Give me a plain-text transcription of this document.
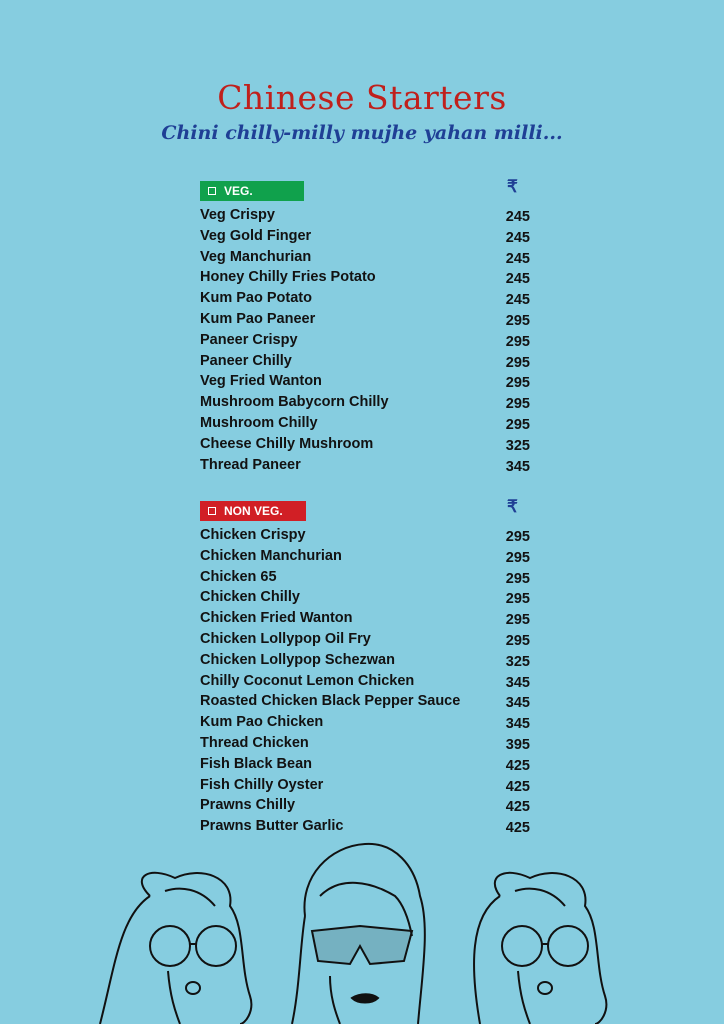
Chinese Starters
Chini chilly-milly mujhe yahan milli...
VEG.	₹
Veg Crispy	245
Veg Gold Finger	245
Veg Manchurian	245
Honey Chilly Fries Potato	245
Kum Pao Potato	245
Kum Pao Paneer	295
Paneer Crispy	295
Paneer Chilly	295
Veg Fried Wanton	295
Mushroom Babycorn Chilly	295
Mushroom Chilly	295
Cheese Chilly Mushroom	325
Thread Paneer	345
NON VEG.	₹
Chicken Crispy	295
Chicken Manchurian	295
Chicken 65	295
Chicken Chilly	295
Chicken Fried Wanton	295
Chicken Lollypop Oil Fry	295
Chicken Lollypop Schezwan	325
Chilly Coconut Lemon Chicken	345
Roasted Chicken Black Pepper Sauce	345
Kum Pao Chicken	345
Thread Chicken	395
Fish Black Bean	425
Fish Chilly Oyster	425
Prawns Chilly	425
Prawns Butter Garlic	425
